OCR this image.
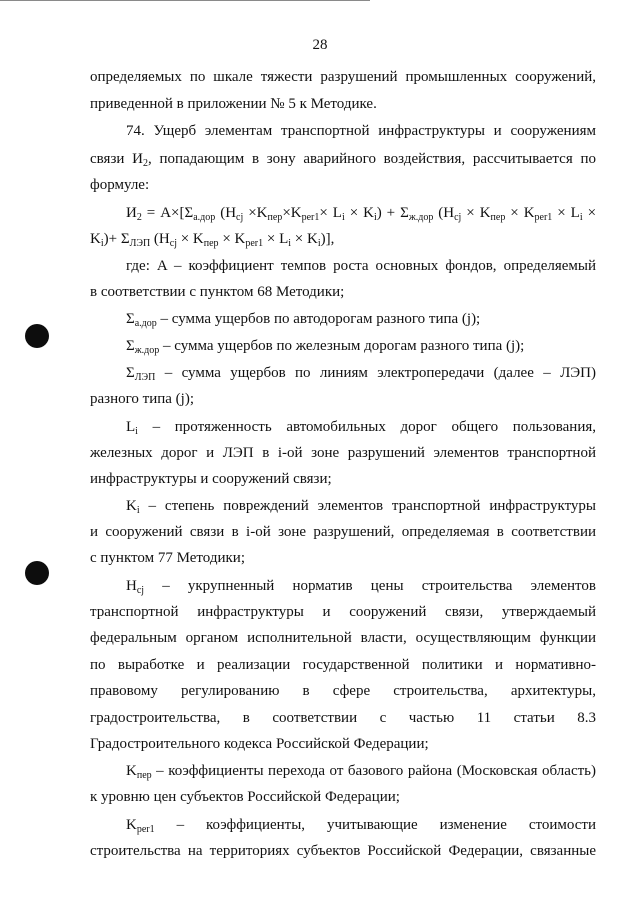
28
определяемых по шкале тяжести разрушений промышленных сооружений,
приведенной в приложении № 5 к Методике.
74. Ущерб элементам транспортной инфраструктуры и сооружениям
связи $И_2$, попадающим в зону аварийного воздействия, рассчитывается по
формуле:
$И_2 = A\times[\Sigma_{а.дор}$ $(H_{cj} \times K_{пер}\times K_{per1}\times L_i \times K_i) + \Sigma_{ж.дор}$ ($H_{cj} \times K_{пер} \times K_{per1} \times L_i$ ×
$K_i)+ \Sigma_{ЛЭП}$ $(H_{cj} \times K_{пер} \times K_{per1} \times L_i \times K_i)$],
где: A – коэффициент темпов роста основных фондов, определяемый
в соответствии с пунктом 68 Методики;
$\Sigma_{а.дор}$ – сумма ущербов по автодорогам разного типа (j);
$\Sigma_{ж.дор}$ – сумма ущербов по железным дорогам разного типа (j);
$\Sigma_{ЛЭП}$ – сумма ущербов по линиям электропередачи (далее – ЛЭП)
разного типа (j);
$L_i$ – протяженность автомобильных дорог общего пользования,
железных дорог и ЛЭП в i-ой зоне разрушений элементов транспортной
инфраструктуры и сооружений связи;
$K_i$ – степень повреждений элементов транспортной инфраструктуры
и сооружений связи в i-ой зоне разрушений, определяемая в соответствии
с пунктом 77 Методики;
$H_{cj}$ – укрупненный норматив цены строительства элементов
транспортной инфраструктуры и сооружений связи, утверждаемый
федеральным органом исполнительной власти, осуществляющим функции
по выработке и реализации государственной политики и нормативно-
правовому регулированию в сфере строительства, архитектуры,
градостроительства, в соответствии с частью 11 статьи 8.3
Градостроительного кодекса Российской Федерации;
$K_{пер}$ – коэффициенты перехода от базового района (Московская область)
к уровню цен субъектов Российской Федерации;
$K_{per1}$ – коэффициенты, учитывающие изменение стоимости
строительства на территориях субъектов Российской Федерации, связанные
